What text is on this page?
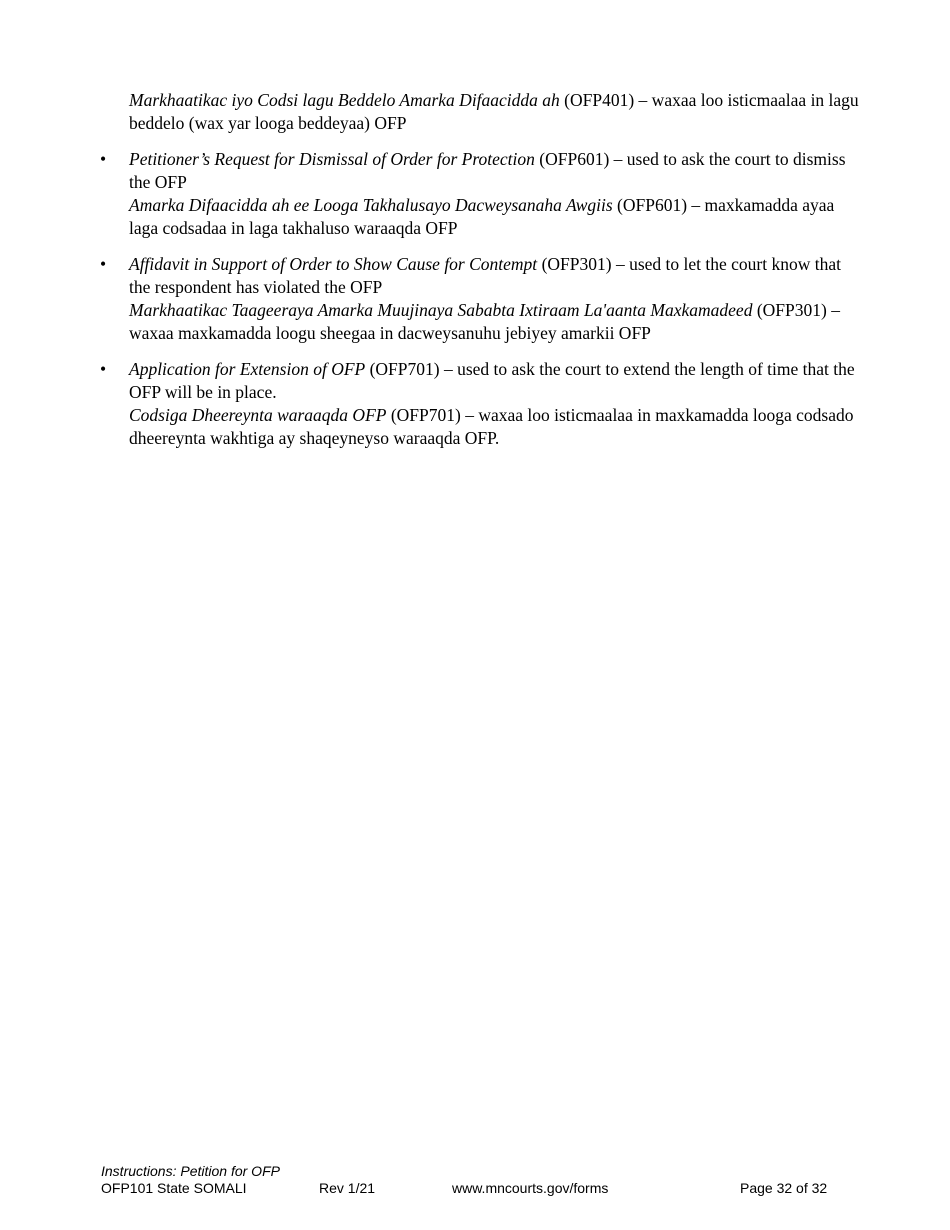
Markhaatikac iyo Codsi lagu Beddelo Amarka Difaacidda ah (OFP401) – waxaa loo isticmaalaa in lagu beddelo (wax yar looga beddeyaa) OFP

•	Petitioner’s Request for Dismissal of Order for Protection (OFP601) – used to ask the court to dismiss the OFP
Amarka Difaacidda ah ee Looga Takhalusayo Dacweysanaha Awgiis (OFP601) – maxkamadda ayaa laga codsadaa in laga takhaluso waraaqda OFP
•	Affidavit in Support of Order to Show Cause for Contempt (OFP301) – used to let the court know that the respondent has violated the OFP
Markhaatikac Taageeraya Amarka Muujinaya Sababta Ixtiraam La'aanta Maxkamadeed (OFP301) – waxaa maxkamadda loogu sheegaa in dacweysanuhu jebiyey amarkii OFP
•	Application for Extension of OFP (OFP701) – used to ask the court to extend the length of time that the OFP will be in place.
Codsiga Dheereynta waraaqda OFP (OFP701) – waxaa loo isticmaalaa in maxkamadda looga codsado dheereynta wakhtiga ay shaqeyneyso waraaqda OFP.
Instructions: Petition for OFP
OFP101 State SOMALI	Rev 1/21	www.mncourts.gov/forms	Page 32 of 32
